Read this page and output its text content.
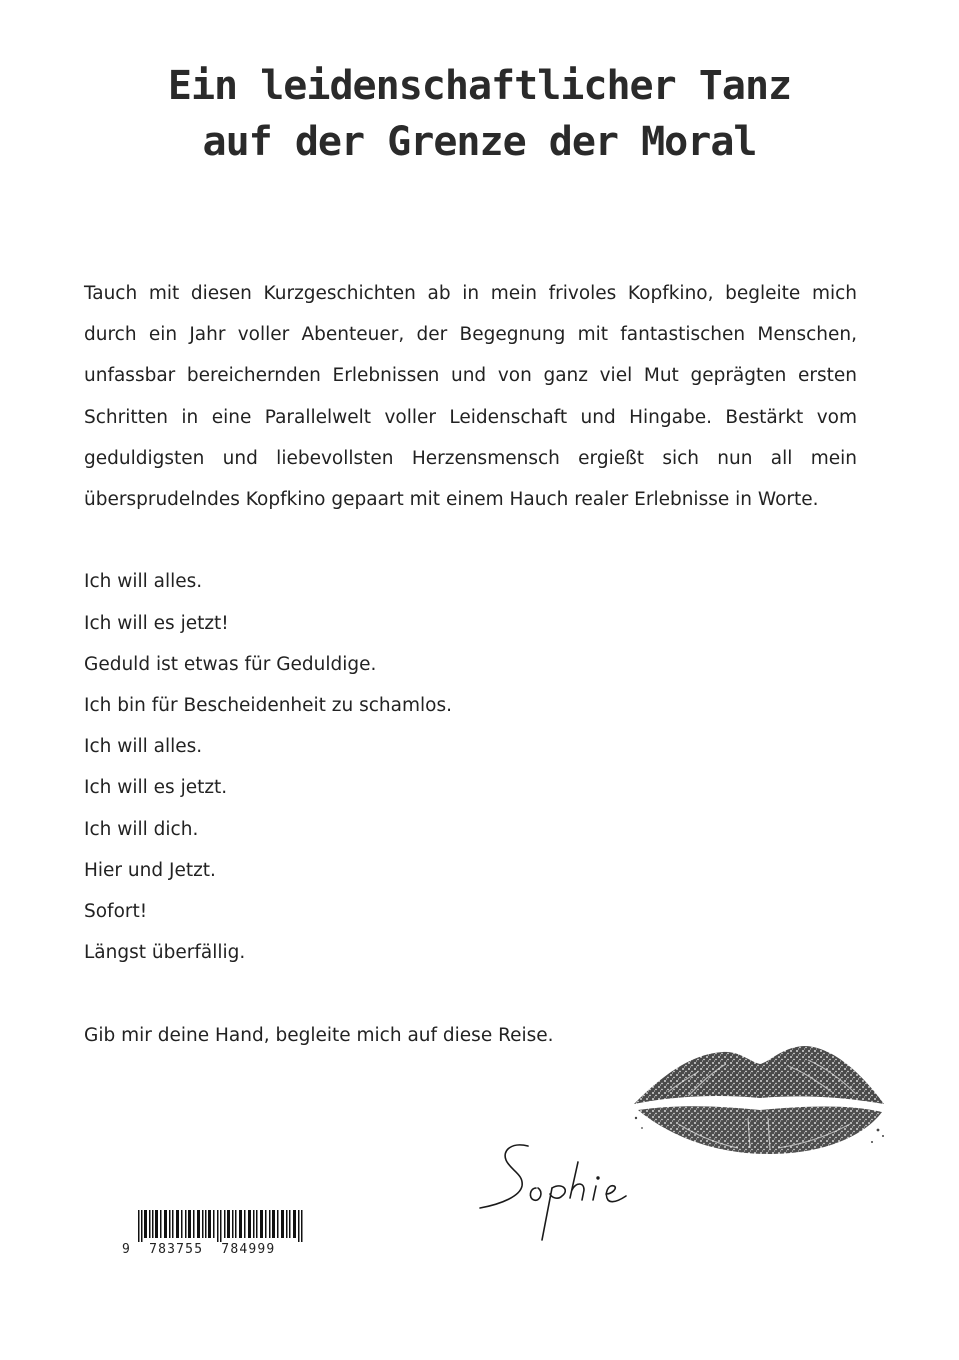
Ein leidenschaftlicher Tanz
auf der Grenze der Moral

Tauch mit diesen Kurzgeschichten ab in mein frivoles Kopfkino, begleite mich durch ein Jahr voller Abenteuer, der Begegnung mit fantastischen Menschen, unfassbar bereichernden Erlebnissen und von ganz viel Mut geprägten ersten Schritten in eine Parallelwelt voller Leidenschaft und Hingabe. Bestärkt vom geduldigsten und liebevollsten Herzensmensch ergießt sich nun all mein übersprudelndes Kopfkino gepaart mit einem Hauch realer Erlebnisse in Worte.

Ich will alles.
Ich will es jetzt!
Geduld ist etwas für Geduldige.
Ich bin für Bescheidenheit zu schamlos.
Ich will alles.
Ich will es jetzt.
Ich will dich.
Hier und Jetzt.
Sofort!
Längst überfällig.

Gib mir deine Hand, begleite mich auf diese Reise.

9  783755  784999
